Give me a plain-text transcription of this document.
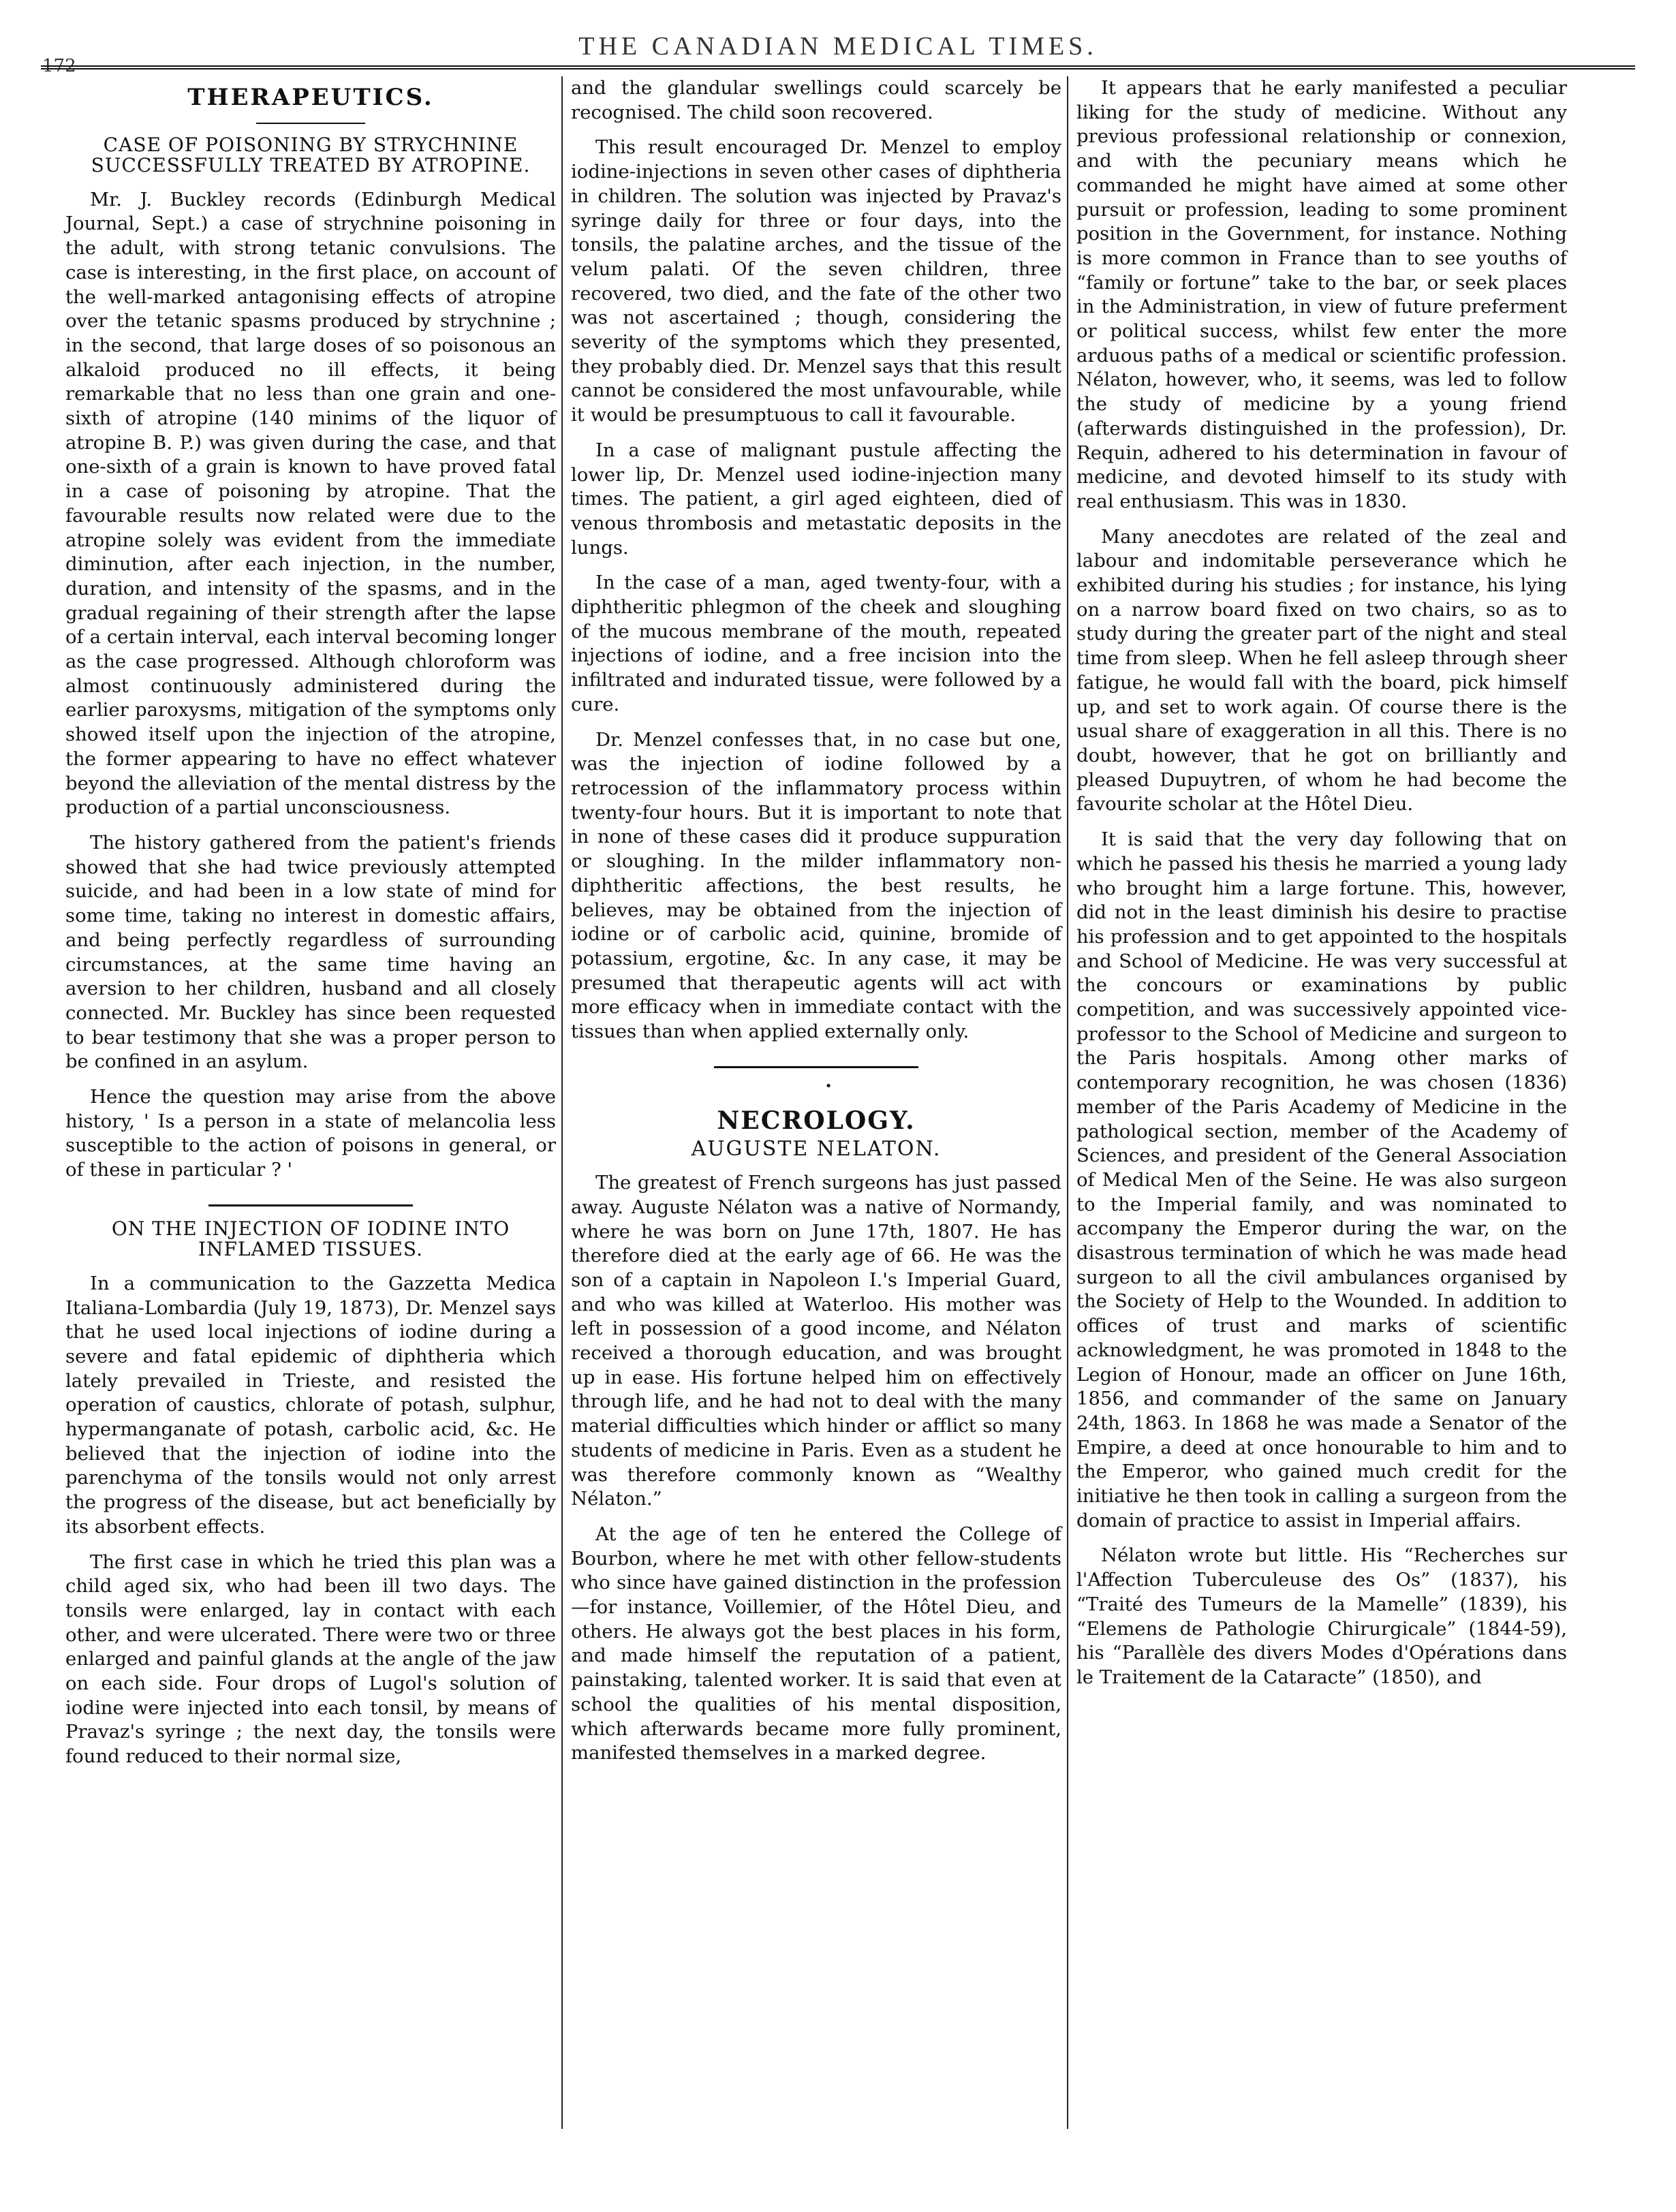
THE CANADIAN MEDICAL TIMES.
172
THERAPEUTICS.
CASE OF POISONING BY STRYCHNINE SUCCESSFULLY TREATED BY ATROPINE.

Mr. J. Buckley records (Edinburgh Medical Journal, Sept.) a case of strychnine poisoning in the adult, with strong tetanic convulsions. The case is interesting, in the first place, on account of the well-marked antagonising effects of atropine over the tetanic spasms produced by strychnine ; in the second, that large doses of so poisonous an alkaloid produced no ill effects, it being remarkable that no less than one grain and one-sixth of atropine (140 minims of the liquor of atropine B. P.) was given during the case, and that one-sixth of a grain is known to have proved fatal in a case of poisoning by atropine. That the favourable results now related were due to the atropine solely was evident from the immediate diminution, after each injection, in the number, duration, and intensity of the spasms, and in the gradual regaining of their strength after the lapse of a certain interval, each interval becoming longer as the case progressed. Although chloroform was almost continuously administered during the earlier paroxysms, mitigation of the symptoms only showed itself upon the injection of the atropine, the former appearing to have no effect whatever beyond the alleviation of the mental distress by the production of a partial unconsciousness.

The history gathered from the patient's friends showed that she had twice previously attempted suicide, and had been in a low state of mind for some time, taking no interest in domestic affairs, and being perfectly regardless of surrounding circumstances, at the same time having an aversion to her children, husband and all closely connected. Mr. Buckley has since been requested to bear testimony that she was a proper person to be confined in an asylum.

Hence the question may arise from the above history, ' Is a person in a state of melancolia less susceptible to the action of poisons in general, or of these in particular ? '

ON THE INJECTION OF IODINE INTO INFLAMED TISSUES.

In a communication to the Gazzetta Medica Italiana-Lombardia (July 19, 1873), Dr. Menzel says that he used local injections of iodine during a severe and fatal epidemic of diphtheria which lately prevailed in Trieste, and resisted the operation of caustics, chlorate of potash, sulphur, hypermanganate of potash, carbolic acid, &c. He believed that the injection of iodine into the parenchyma of the tonsils would not only arrest the progress of the disease, but act beneficially by its absorbent effects.

The first case in which he tried this plan was a child aged six, who had been ill two days. The tonsils were enlarged, lay in contact with each other, and were ulcerated. There were two or three enlarged and painful glands at the angle of the jaw on each side. Four drops of Lugol's solution of iodine were injected into each tonsil, by means of Pravaz's syringe ; the next day, the tonsils were found reduced to their normal size,

and the glandular swellings could scarcely be recognised. The child soon recovered.

This result encouraged Dr. Menzel to employ iodine-injections in seven other cases of diphtheria in children. The solution was injected by Pravaz's syringe daily for three or four days, into the tonsils, the palatine arches, and the tissue of the velum palati. Of the seven children, three recovered, two died, and the fate of the other two was not ascertained ; though, considering the severity of the symptoms which they presented, they probably died. Dr. Menzel says that this result cannot be considered the most unfavourable, while it would be presumptuous to call it favourable.

In a case of malignant pustule affecting the lower lip, Dr. Menzel used iodine-injection many times. The patient, a girl aged eighteen, died of venous thrombosis and metastatic deposits in the lungs.

In the case of a man, aged twenty-four, with a diphtheritic phlegmon of the cheek and sloughing of the mucous membrane of the mouth, repeated injections of iodine, and a free incision into the infiltrated and indurated tissue, were followed by a cure.

Dr. Menzel confesses that, in no case but one, was the injection of iodine followed by a retrocession of the inflammatory process within twenty-four hours. But it is important to note that in none of these cases did it produce suppuration or sloughing. In the milder inflammatory non-diphtheritic affections, the best results, he believes, may be obtained from the injection of iodine or of carbolic acid, quinine, bromide of potassium, ergotine, &c. In any case, it may be presumed that therapeutic agents will act with more efficacy when in immediate contact with the tissues than when applied externally only.

•

NECROLOGY.
AUGUSTE NELATON.

The greatest of French surgeons has just passed away. Auguste Nélaton was a native of Normandy, where he was born on June 17th, 1807. He has therefore died at the early age of 66. He was the son of a captain in Napoleon I.'s Imperial Guard, and who was killed at Waterloo. His mother was left in possession of a good income, and Nélaton received a thorough education, and was brought up in ease. His fortune helped him on effectively through life, and he had not to deal with the many material difficulties which hinder or afflict so many students of medicine in Paris. Even as a student he was therefore commonly known as “Wealthy Nélaton.”

At the age of ten he entered the College of Bourbon, where he met with other fellow-students who since have gained distinction in the profession—for instance, Voillemier, of the Hôtel Dieu, and others. He always got the best places in his form, and made himself the reputation of a patient, painstaking, talented worker. It is said that even at school the qualities of his mental disposition, which afterwards became more fully prominent, manifested themselves in a marked degree.

It appears that he early manifested a peculiar liking for the study of medicine. Without any previous professional relationship or connexion, and with the pecuniary means which he commanded he might have aimed at some other pursuit or profession, leading to some prominent position in the Government, for instance. Nothing is more common in France than to see youths of “family or fortune” take to the bar, or seek places in the Administration, in view of future preferment or political success, whilst few enter the more arduous paths of a medical or scientific profession. Nélaton, however, who, it seems, was led to follow the study of medicine by a young friend (afterwards distinguished in the profession), Dr. Requin, adhered to his determination in favour of medicine, and devoted himself to its study with real enthusiasm. This was in 1830.

Many anecdotes are related of the zeal and labour and indomitable perseverance which he exhibited during his studies ; for instance, his lying on a narrow board fixed on two chairs, so as to study during the greater part of the night and steal time from sleep. When he fell asleep through sheer fatigue, he would fall with the board, pick himself up, and set to work again. Of course there is the usual share of exaggeration in all this. There is no doubt, however, that he got on brilliantly and pleased Dupuytren, of whom he had become the favourite scholar at the Hôtel Dieu.

It is said that the very day following that on which he passed his thesis he married a young lady who brought him a large fortune. This, however, did not in the least diminish his desire to practise his profession and to get appointed to the hospitals and School of Medicine. He was very successful at the concours or examinations by public competition, and was successively appointed vice-professor to the School of Medicine and surgeon to the Paris hospitals. Among other marks of contemporary recognition, he was chosen (1836) member of the Paris Academy of Medicine in the pathological section, member of the Academy of Sciences, and president of the General Association of Medical Men of the Seine. He was also surgeon to the Imperial family, and was nominated to accompany the Emperor during the war, on the disastrous termination of which he was made head surgeon to all the civil ambulances organised by the Society of Help to the Wounded. In addition to offices of trust and marks of scientific acknowledgment, he was promoted in 1848 to the Legion of Honour, made an officer on June 16th, 1856, and commander of the same on January 24th, 1863. In 1868 he was made a Senator of the Empire, a deed at once honourable to him and to the Emperor, who gained much credit for the initiative he then took in calling a surgeon from the domain of practice to assist in Imperial affairs.

Nélaton wrote but little. His “Recherches sur l'Affection Tuberculeuse des Os” (1837), his “Traité des Tumeurs de la Mamelle” (1839), his “Elemens de Pathologie Chirurgicale” (1844-59), his “Parallèle des divers Modes d'Opérations dans le Traitement de la Cataracte” (1850), and
